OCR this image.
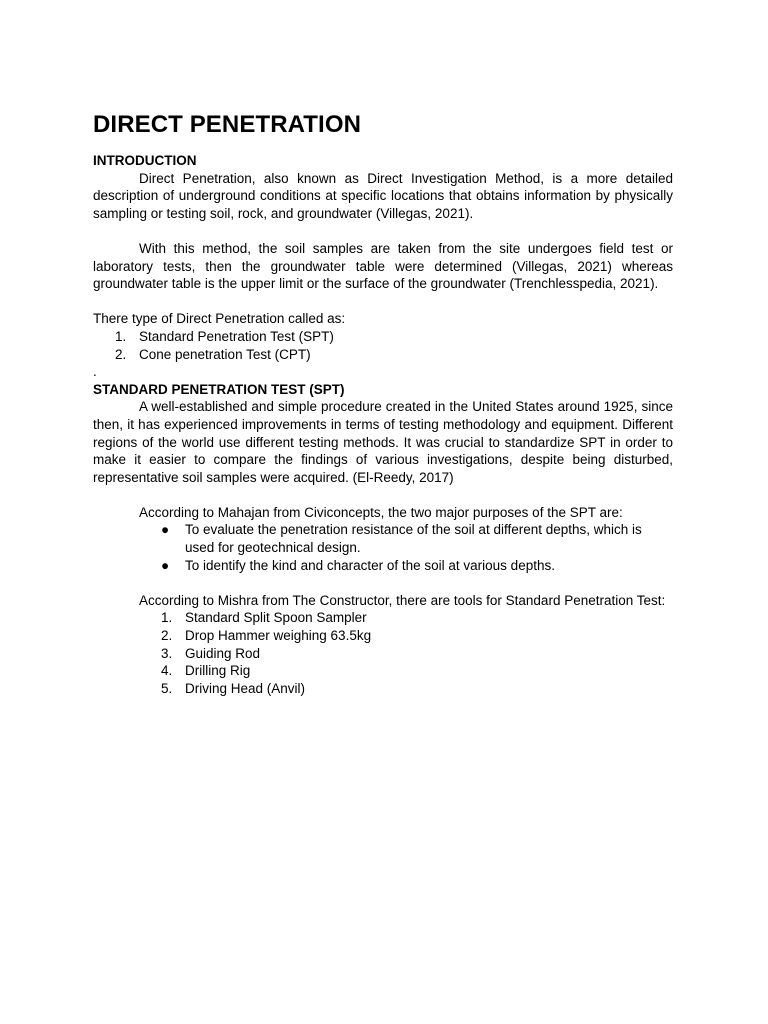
DIRECT PENETRATION
INTRODUCTION

Direct Penetration, also known as Direct Investigation Method, is a more detailed description of underground conditions at specific locations that obtains information by physically sampling or testing soil, rock, and groundwater (Villegas, 2021).

With this method, the soil samples are taken from the site undergoes field test or laboratory tests, then the groundwater table were determined (Villegas, 2021) whereas groundwater table is the upper limit or the surface of the groundwater (Trenchlesspedia, 2021).

There type of Direct Penetration called as:

1. Standard Penetration Test (SPT)
2. Cone penetration Test (CPT)

.

STANDARD PENETRATION TEST (SPT)

A well-established and simple procedure created in the United States around 1925, since then, it has experienced improvements in terms of testing methodology and equipment. Different regions of the world use different testing methods. It was crucial to standardize SPT in order to make it easier to compare the findings of various investigations, despite being disturbed, representative soil samples were acquired. (El-Reedy, 2017)

According to Mahajan from Civiconcepts, the two major purposes of the SPT are:

● To evaluate the penetration resistance of the soil at different depths, which is used for geotechnical design.
● To identify the kind and character of the soil at various depths.

According to Mishra from The Constructor, there are tools for Standard Penetration Test:

1. Standard Split Spoon Sampler
2. Drop Hammer weighing 63.5kg
3. Guiding Rod
4. Drilling Rig
5. Driving Head (Anvil)
